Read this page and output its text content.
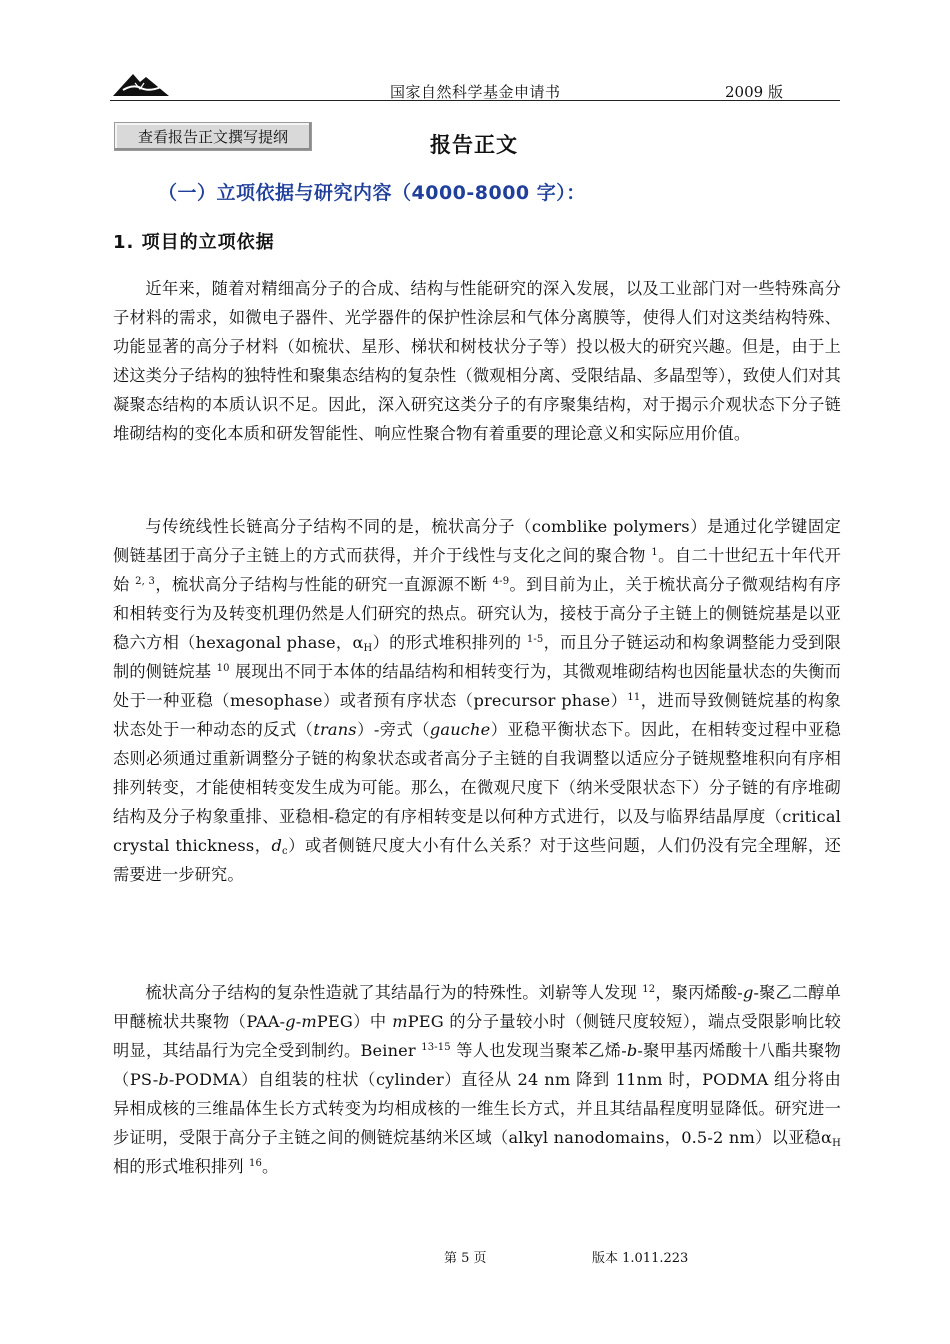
国家自然科学基金申请书	2009 版
查看报告正文撰写提纲	报告正文
（一）立项依据与研究内容（4000-8000 字）：
1. 项目的立项依据

近年来，随着对精细高分子的合成、结构与性能研究的深入发展，以及工业部门对一些特殊高分子材料的需求，如微电子器件、光学器件的保护性涂层和气体分离膜等，使得人们对这类结构特殊、功能显著的高分子材料（如梳状、星形、梯状和树枝状分子等）投以极大的研究兴趣。但是，由于上述这类分子结构的独特性和聚集态结构的复杂性（微观相分离、受限结晶、多晶型等），致使人们对其凝聚态结构的本质认识不足。因此，深入研究这类分子的有序聚集结构，对于揭示介观状态下分子链堆砌结构的变化本质和研发智能性、响应性聚合物有着重要的理论意义和实际应用价值。

与传统线性长链高分子结构不同的是，梳状高分子（comblike polymers）是通过化学键固定侧链基团于高分子主链上的方式而获得，并介于线性与支化之间的聚合物 $^1$。自二十世纪五十年代开始 $^{2, 3}$，梳状高分子结构与性能的研究一直源源不断 $^{4-9}$。到目前为止，关于梳状高分子微观结构有序和相转变行为及转变机理仍然是人们研究的热点。研究认为，接枝于高分子主链上的侧链烷基是以亚稳六方相（hexagonal phase，$\alpha_H$）的形式堆积排列的 $^{1-5}$，而且分子链运动和构象调整能力受到限制的侧链烷基 $^{10}$ 展现出不同于本体的结晶结构和相转变行为，其微观堆砌结构也因能量状态的失衡而处于一种亚稳（mesophase）或者预有序状态（precursor phase）$^{11}$，进而导致侧链烷基的构象状态处于一种动态的反式（trans）-旁式（gauche）亚稳平衡状态下。因此，在相转变过程中亚稳态则必须通过重新调整分子链的构象状态或者高分子主链的自我调整以适应分子链规整堆积向有序相排列转变，才能使相转变发生成为可能。那么，在微观尺度下（纳米受限状态下）分子链的有序堆砌结构及分子构象重排、亚稳相-稳定的有序相转变是以何种方式进行，以及与临界结晶厚度（critical crystal thickness，$d_c$）或者侧链尺度大小有什么关系？对于这些问题，人们仍没有完全理解，还需要进一步研究。

梳状高分子结构的复杂性造就了其结晶行为的特殊性。刘崭等人发现 $^{12}$，聚丙烯酸-g-聚乙二醇单甲醚梳状共聚物（PAA-g-mPEG）中 mPEG 的分子量较小时（侧链尺度较短），端点受限影响比较明显，其结晶行为完全受到制约。Beiner $^{13-15}$ 等人也发现当聚苯乙烯-b-聚甲基丙烯酸十八酯共聚物（PS-b-PODMA）自组装的柱状（cylinder）直径从 24 nm 降到 11nm 时，PODMA 组分将由异相成核的三维晶体生长方式转变为均相成核的一维生长方式，并且其结晶程度明显降低。研究进一步证明，受限于高分子主链之间的侧链烷基纳米区域（alkyl nanodomains，0.5-2 nm）以亚稳$\alpha_H$ 相的形式堆积排列 $^{16}$。

第 5 页	版本 1.011.223
